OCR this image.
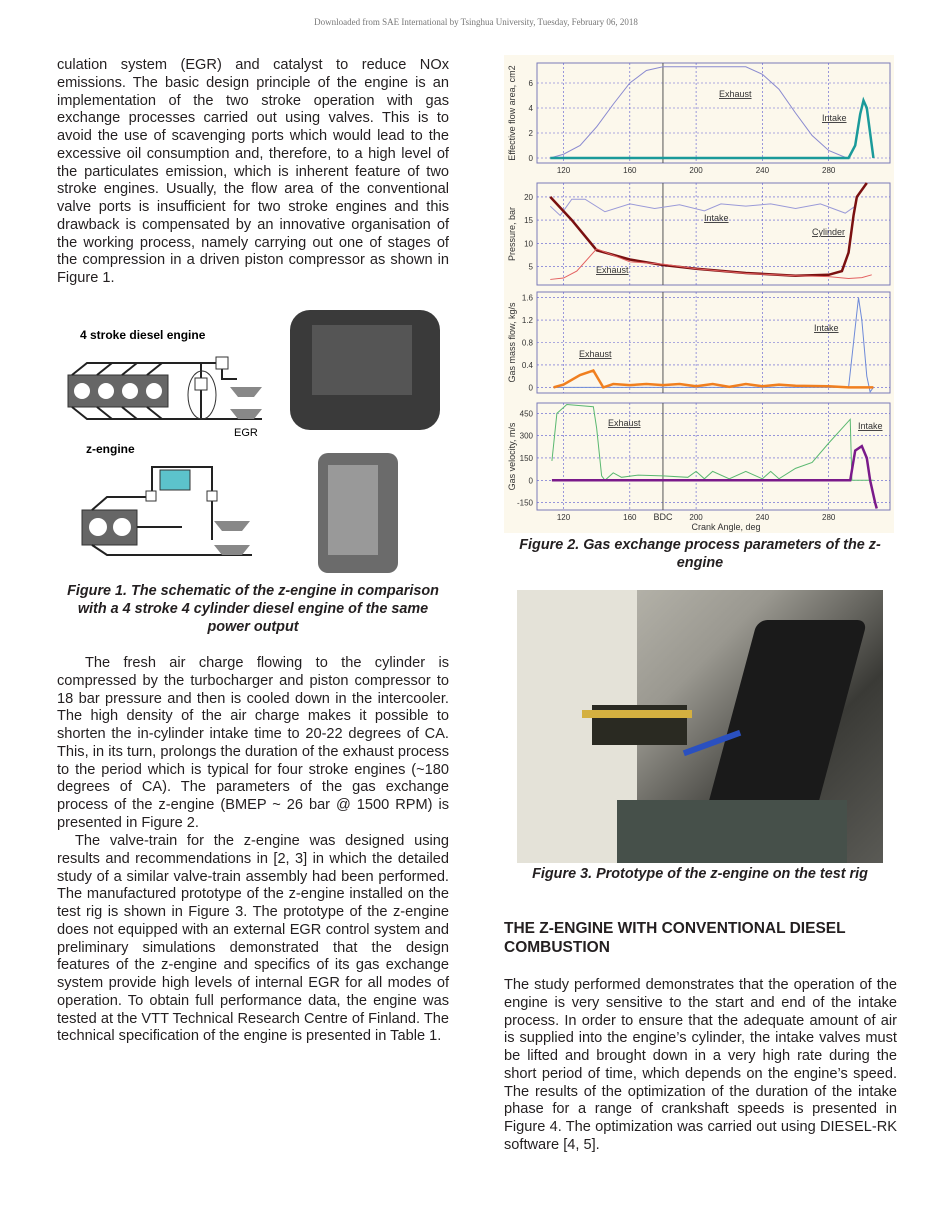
Downloaded from SAE International by Tsinghua University, Tuesday, February 06, 2018

culation system (EGR) and catalyst to reduce NOx emissions. The basic design principle of the engine is an implementation of the two stroke operation with gas exchange processes carried out using valves. This is to avoid the use of scavenging ports which would lead to the excessive oil consumption and, therefore, to a high level of the particulates emission, which is inherent feature of two stroke engines. Usually, the flow area of the conventional valve ports is insufficient for two stroke engines and this drawback is compensated by an innovative organisation of the working process, namely carrying out one of stages of the compression in a driven piston compressor as shown in Figure 1.

4 stroke diesel engine
EGR
z-engine

Figure 1. The schematic of the z-engine in comparison with a 4 stroke 4 cylinder diesel engine of the same power output

The fresh air charge flowing to the cylinder is compressed by the turbocharger and piston compressor to 18 bar pressure and then is cooled down in the intercooler. The high density of the air charge makes it possible to shorten the in-cylinder intake time to 20-22 degrees of CA. This, in its turn, prolongs the duration of the exhaust process to the period which is typical for four stroke engines (~180 degrees of CA). The parameters of the gas exchange process of the z-engine (BMEP ~ 26 bar @ 1500 RPM) is presented in Figure 2.

The valve-train for the z-engine was designed using results and recommendations in [2, 3] in which the detailed study of a similar valve-train assembly had been performed. The manufactured prototype of the z-engine installed on the test rig is shown in Figure 3. The prototype of the z-engine does not equipped with an external EGR control system and preliminary simulations demonstrated that the design features of the z-engine and specifics of its gas exchange system provide high levels of internal EGR for all modes of operation. To obtain full performance data, the engine was tested at the VTT Technical Research Centre of Finland. The technical specification of the engine is presented in Table 1.

0
2
4
6
Effective flow area, cm2	Exhaust
Intake
120	160	200	240	280
5
10
15
20
Pressure, bar	Intake
Cylinder
Exhaust
0
0.4
0.8
1.2
1.6
Gas mass flow, kg/s	Intake
Exhaust
-150
0
150
300
450
Gas velocity, m/s	Exhaust	Intake
120	160	200	240	280
BDC
Crank Angle, deg

Figure 2. Gas exchange process parameters of the z-engine

Figure 3. Prototype of the z-engine on the test rig

THE Z-ENGINE WITH CONVENTIONAL DIESEL COMBUSTION

The study performed demonstrates that the operation of the engine is very sensitive to the start and end of the intake process. In order to ensure that the adequate amount of air is supplied into the engine’s cylinder, the intake valves must be lifted and brought down in a very high rate during the short period of time, which depends on the engine’s speed. The results of the optimization of the duration of the intake phase for a range of crankshaft speeds is presented in Figure 4. The optimization was carried out using DIESEL-RK software [4, 5].
